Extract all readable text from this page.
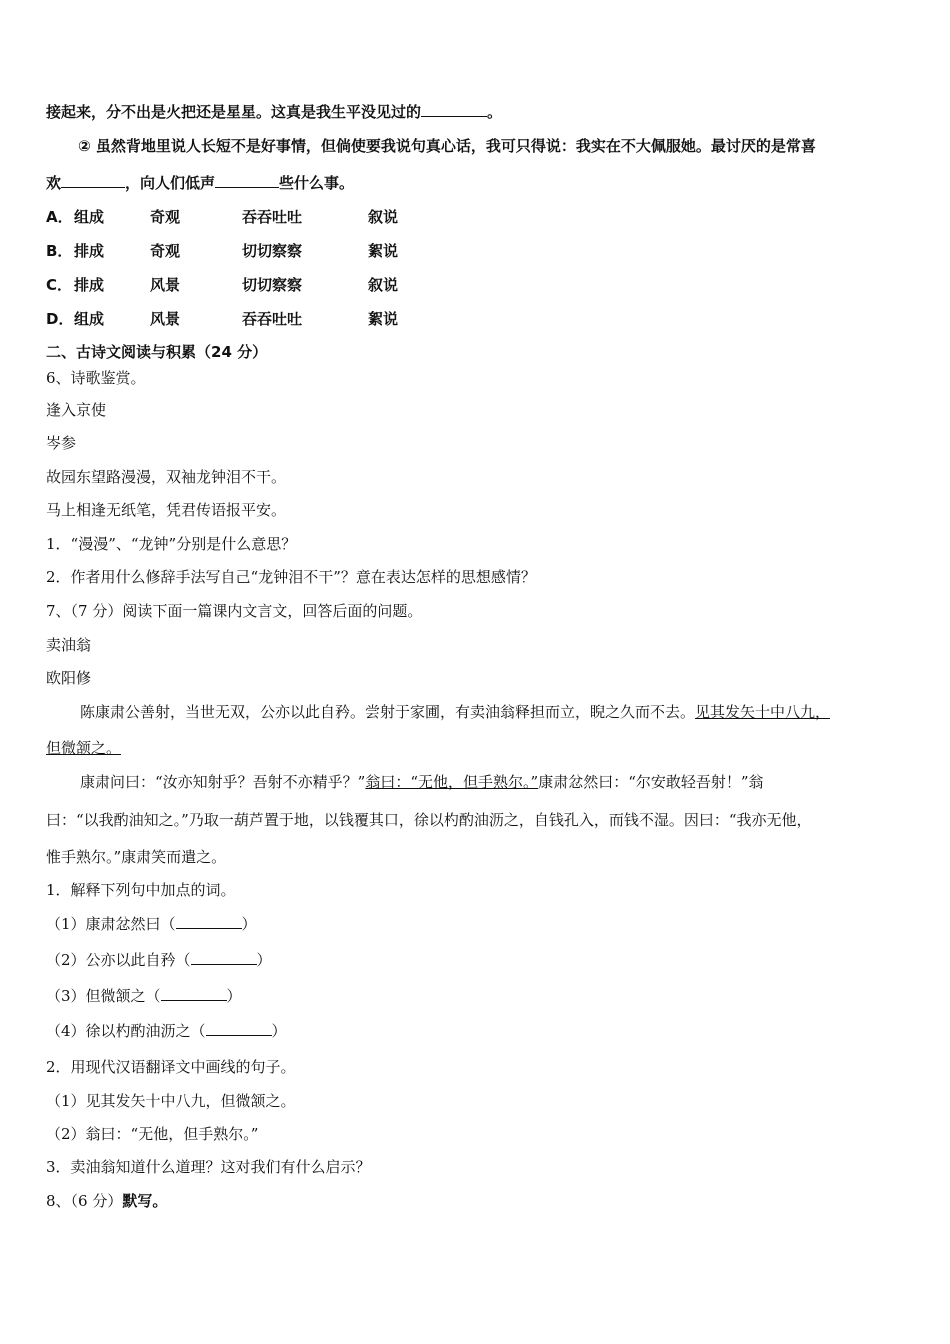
接起来，分不出是火把还是星星。这真是我生平没见过的	。
② 虽然背地里说人长短不是好事情，但倘使要我说句真心话，我可只得说：我实在不大佩服她。最讨厌的是常喜
欢	，向人们低声	些什么事。
A． 组成	奇观	吞吞吐吐	叙说
B． 排成	奇观	切切察察	絮说
C． 排成	风景	切切察察	叙说
D． 组成	风景	吞吞吐吐	絮说
二、古诗文阅读与积累（24 分）
6、诗歌鉴赏。
逢入京使
岑参
故园东望路漫漫，双袖龙钟泪不干。
马上相逢无纸笔，凭君传语报平安。
1．“漫漫”、“龙钟”分别是什么意思？
2．作者用什么修辞手法写自己“龙钟泪不干”？意在表达怎样的思想感情？
7、（7 分）阅读下面一篇课内文言文，回答后面的问题。
卖油翁
欧阳修
陈康肃公善射，当世无双，公亦以此自矜。尝射于家圃，有卖油翁释担而立，睨之久而不去。见其发矢十中八九，
但微颔之。
康肃问曰：“汝亦知射乎？吾射不亦精乎？”翁曰：“无他，但手熟尔。”康肃忿然曰：“尔安敢轻吾射！”翁
曰：“以我酌油知之。”乃取一葫芦置于地，以钱覆其口，徐以杓酌油沥之，自钱孔入，而钱不湿。因曰：“我亦无他，
惟手熟尔。”康肃笑而遣之。
1．解释下列句中加点的词。
（1）康肃忿然曰（	）
（2）公亦以此自矜（	）
（3）但微颔之（	）
（4）徐以杓酌油沥之（	）
2．用现代汉语翻译文中画线的句子。
（1）见其发矢十中八九，但微颔之。
（2）翁曰：“无他，但手熟尔。”
3．卖油翁知道什么道理？这对我们有什么启示？
8、（6 分）默写。
